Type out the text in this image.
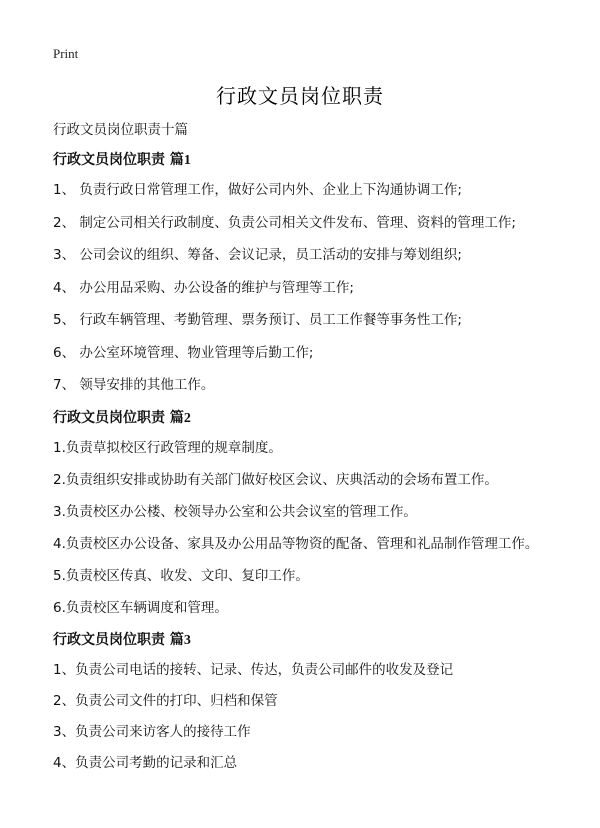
Print
行政文员岗位职责
行政文员岗位职责十篇
行政文员岗位职责 篇1
1、 负责行政日常管理工作，做好公司内外、企业上下沟通协调工作;
2、 制定公司相关行政制度、负责公司相关文件发布、管理、资料的管理工作;
3、 公司会议的组织、筹备、会议记录，员工活动的安排与筹划组织;
4、 办公用品采购、办公设备的维护与管理等工作;
5、 行政车辆管理、考勤管理、票务预订、员工工作餐等事务性工作;
6、 办公室环境管理、物业管理等后勤工作;
7、 领导安排的其他工作。
行政文员岗位职责 篇2
1.负责草拟校区行政管理的规章制度。
2.负责组织安排或协助有关部门做好校区会议、庆典活动的会场布置工作。
3.负责校区办公楼、校领导办公室和公共会议室的管理工作。
4.负责校区办公设备、家具及办公用品等物资的配备、管理和礼品制作管理工作。
5.负责校区传真、收发、文印、复印工作。
6.负责校区车辆调度和管理。
行政文员岗位职责 篇3
1、负责公司电话的接转、记录、传达，负责公司邮件的收发及登记
2、负责公司文件的打印、归档和保管
3、负责公司来访客人的接待工作
4、负责公司考勤的记录和汇总
